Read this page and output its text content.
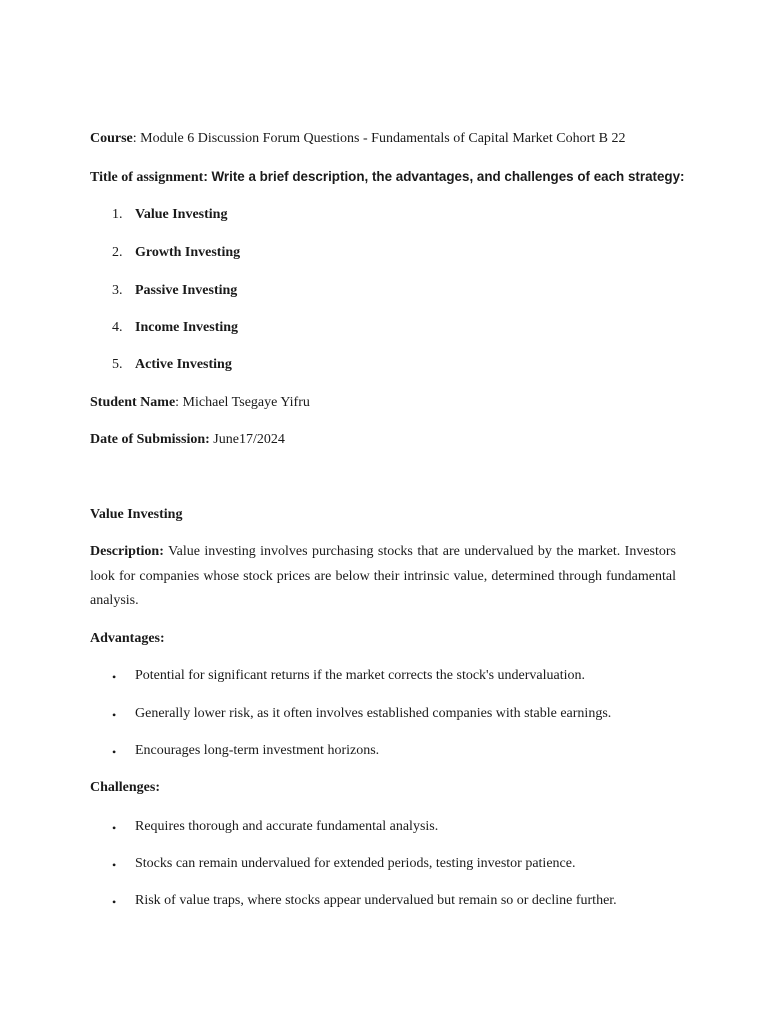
Course: Module 6 Discussion Forum Questions - Fundamentals of Capital Market Cohort B 22
Title of assignment: Write a brief description, the advantages, and challenges of each strategy:
1. Value Investing
2. Growth Investing
3. Passive Investing
4. Income Investing
5. Active Investing
Student Name: Michael Tsegaye Yifru
Date of Submission: June17/2024
Value Investing
Description: Value investing involves purchasing stocks that are undervalued by the market. Investors look for companies whose stock prices are below their intrinsic value, determined through fundamental analysis.
Advantages:
• Potential for significant returns if the market corrects the stock's undervaluation.
• Generally lower risk, as it often involves established companies with stable earnings.
• Encourages long-term investment horizons.
Challenges:
• Requires thorough and accurate fundamental analysis.
• Stocks can remain undervalued for extended periods, testing investor patience.
• Risk of value traps, where stocks appear undervalued but remain so or decline further.
